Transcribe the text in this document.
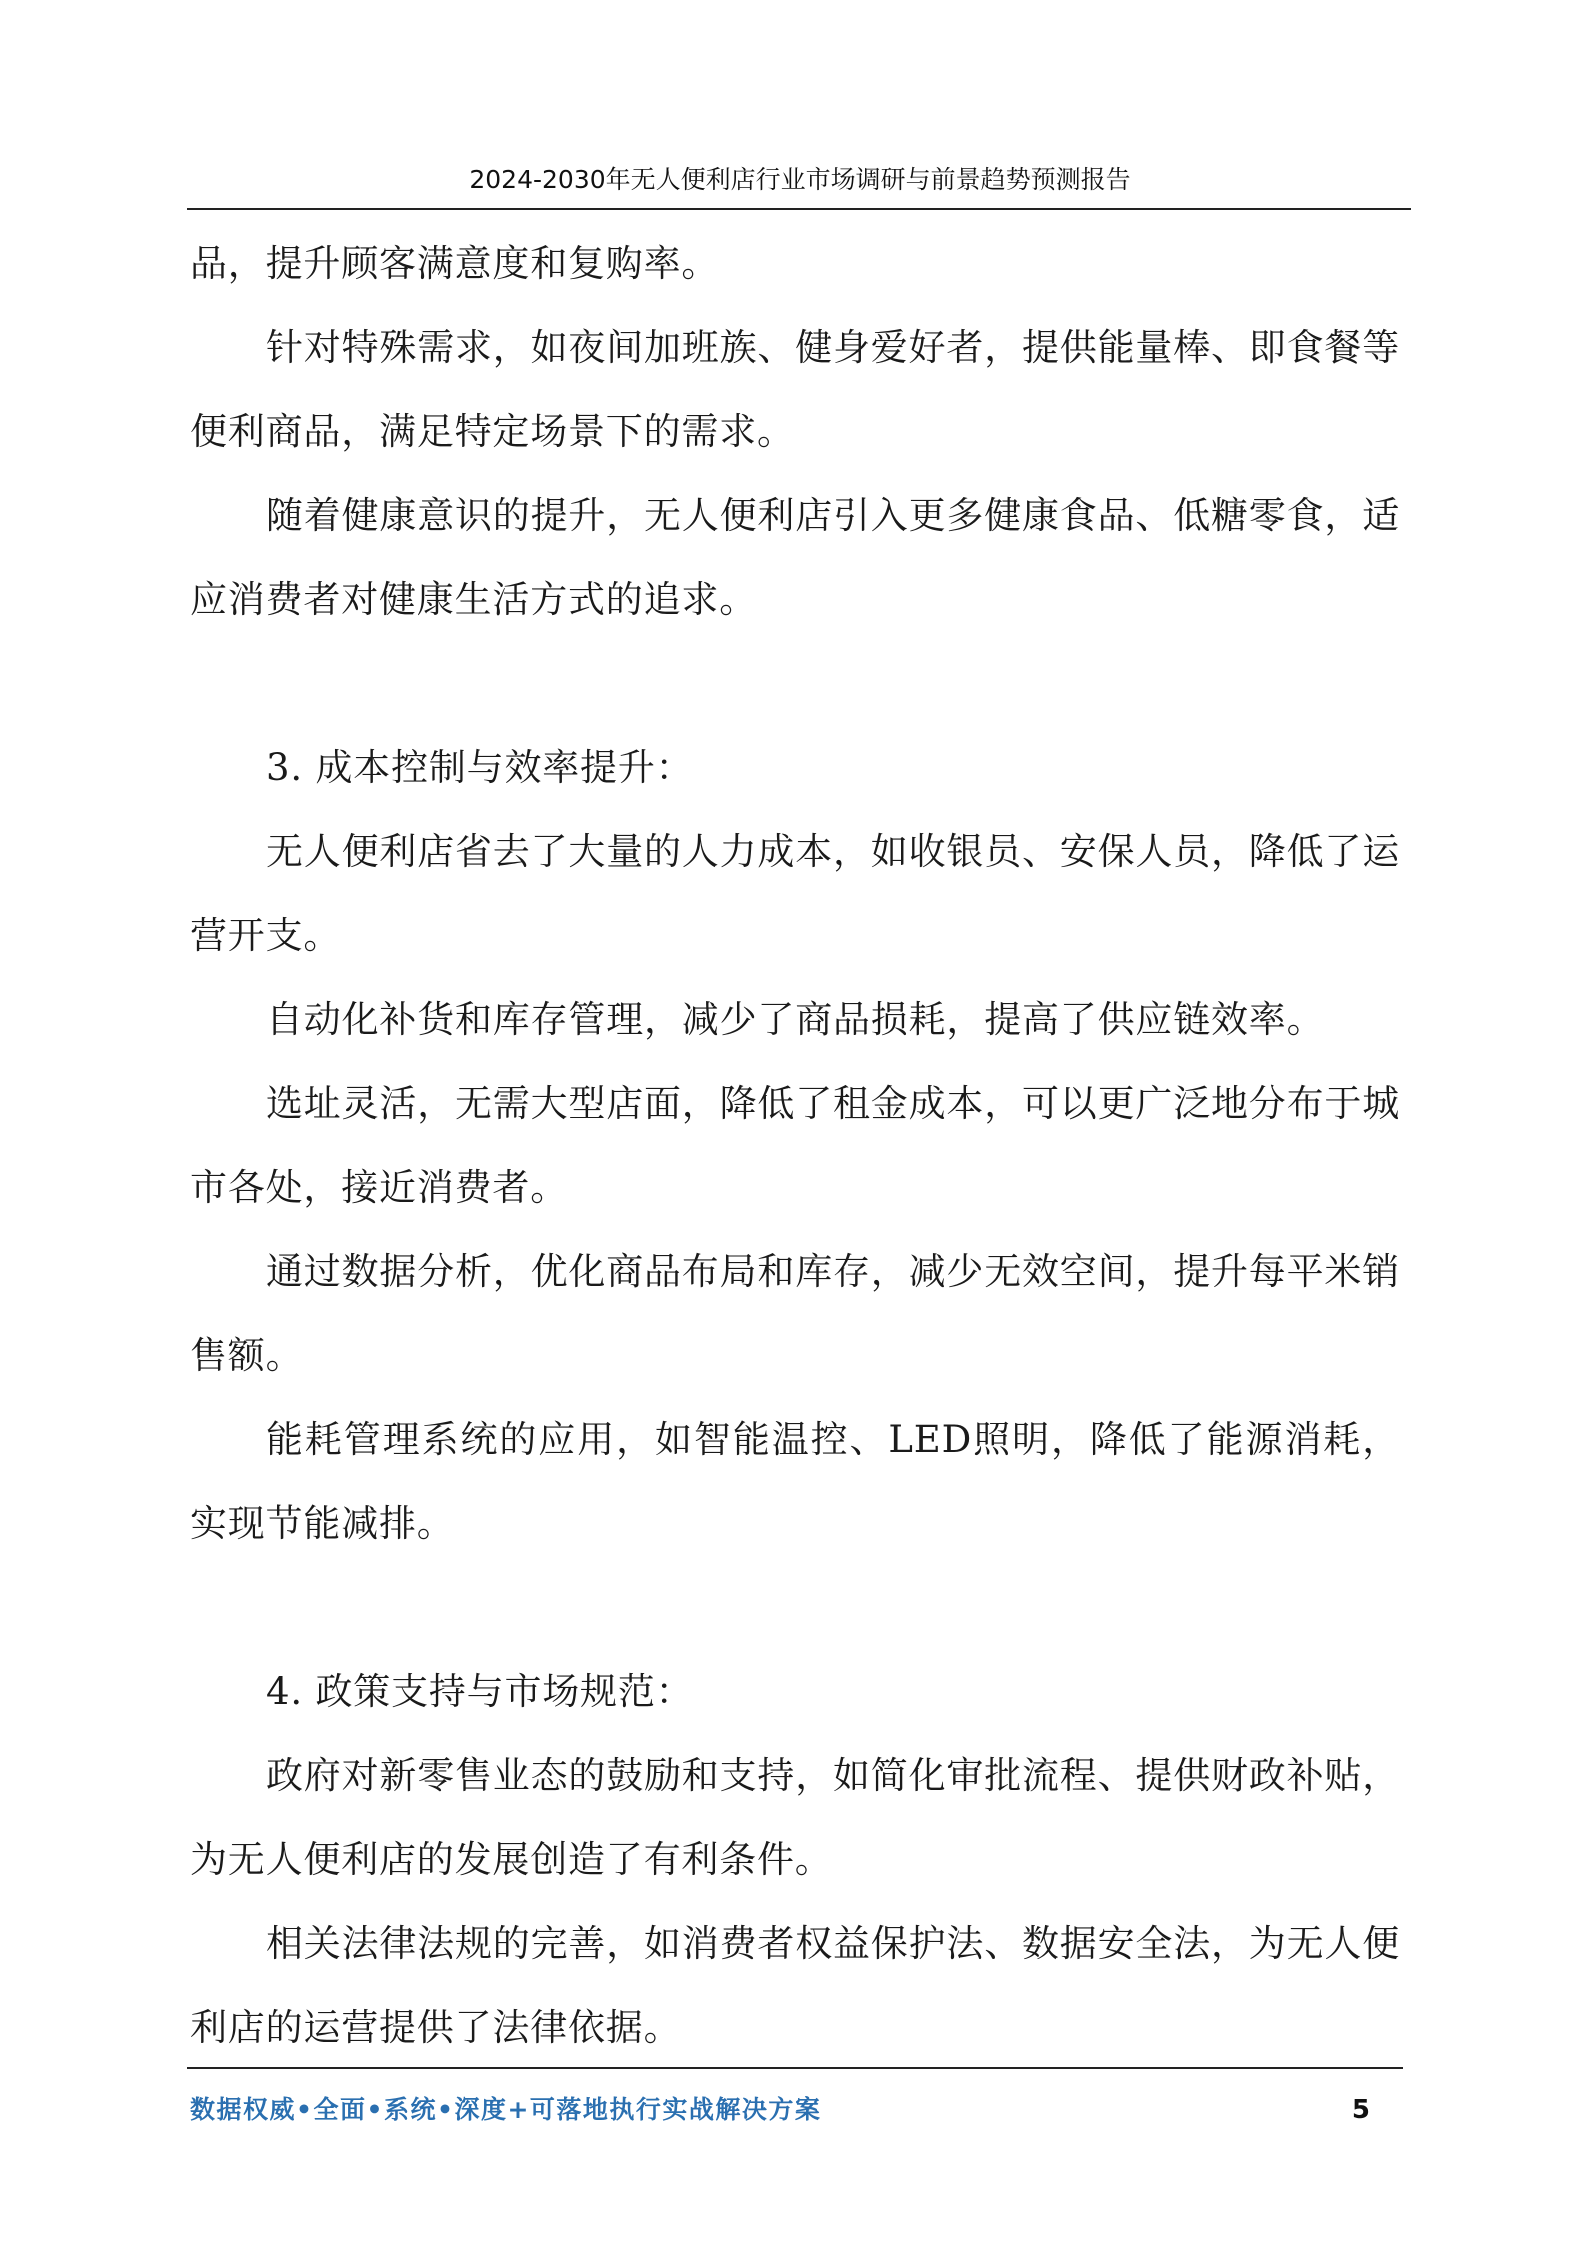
2024-2030年无人便利店行业市场调研与前景趋势预测报告

品，提升顾客满意度和复购率。

针对特殊需求，如夜间加班族、健身爱好者，提供能量棒、即食餐等便利商品，满足特定场景下的需求。

随着健康意识的提升，无人便利店引入更多健康食品、低糖零食，适应消费者对健康生活方式的追求。

3. 成本控制与效率提升：

无人便利店省去了大量的人力成本，如收银员、安保人员，降低了运营开支。

自动化补货和库存管理，减少了商品损耗，提高了供应链效率。

选址灵活，无需大型店面，降低了租金成本，可以更广泛地分布于城市各处，接近消费者。

通过数据分析，优化商品布局和库存，减少无效空间，提升每平米销售额。

能耗管理系统的应用，如智能温控、LED照明，降低了能源消耗，实现节能减排。

4. 政策支持与市场规范：

政府对新零售业态的鼓励和支持，如简化审批流程、提供财政补贴，为无人便利店的发展创造了有利条件。

相关法律法规的完善，如消费者权益保护法、数据安全法，为无人便利店的运营提供了法律依据。

数据权威•全面•系统•深度+可落地执行实战解决方案	5
